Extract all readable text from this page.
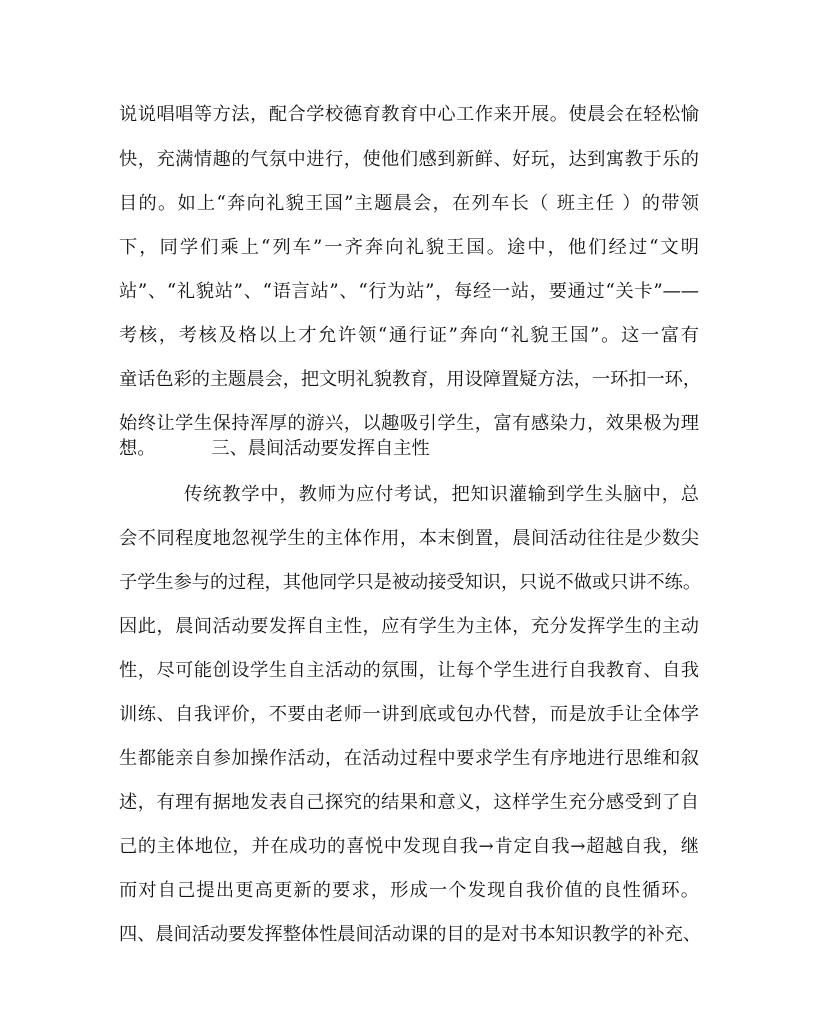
说说唱唱等方法，配合学校德育教育中心工作来开展。使晨会在轻松愉
快，充满情趣的气氛中进行，使他们感到新鲜、好玩，达到寓教于乐的
目的。如上“奔向礼貌王国”主题晨会，在列车长（ 班主任 ）的带领
下，同学们乘上“列车”一齐奔向礼貌王国。途中，他们经过“文明
站”、“礼貌站”、“语言站”、“行为站”，每经一站，要通过“关卡”——
考核，考核及格以上才允许领“通行证”奔向“礼貌王国”。这一富有
童话色彩的主题晨会，把文明礼貌教育，用设障置疑方法，一环扣一环，
始终让学生保持浑厚的游兴，以趣吸引学生，富有感染力，效果极为理
想。	三、晨间活动要发挥自主性
传统教学中，教师为应付考试，把知识灌输到学生头脑中，总
会不同程度地忽视学生的主体作用，本末倒置，晨间活动往往是少数尖
子学生参与的过程，其他同学只是被动接受知识，只说不做或只讲不练。
因此，晨间活动要发挥自主性，应有学生为主体，充分发挥学生的主动
性，尽可能创设学生自主活动的氛围，让每个学生进行自我教育、自我
训练、自我评价，不要由老师一讲到底或包办代替，而是放手让全体学
生都能亲自参加操作活动，在活动过程中要求学生有序地进行思维和叙
述，有理有据地发表自己探究的结果和意义，这样学生充分感受到了自
己的主体地位，并在成功的喜悦中发现自我→肯定自我→超越自我，继
而对自己提出更高更新的要求，形成一个发现自我价值的良性循环。
四、晨间活动要发挥整体性晨间活动课的目的是对书本知识教学的补充、
